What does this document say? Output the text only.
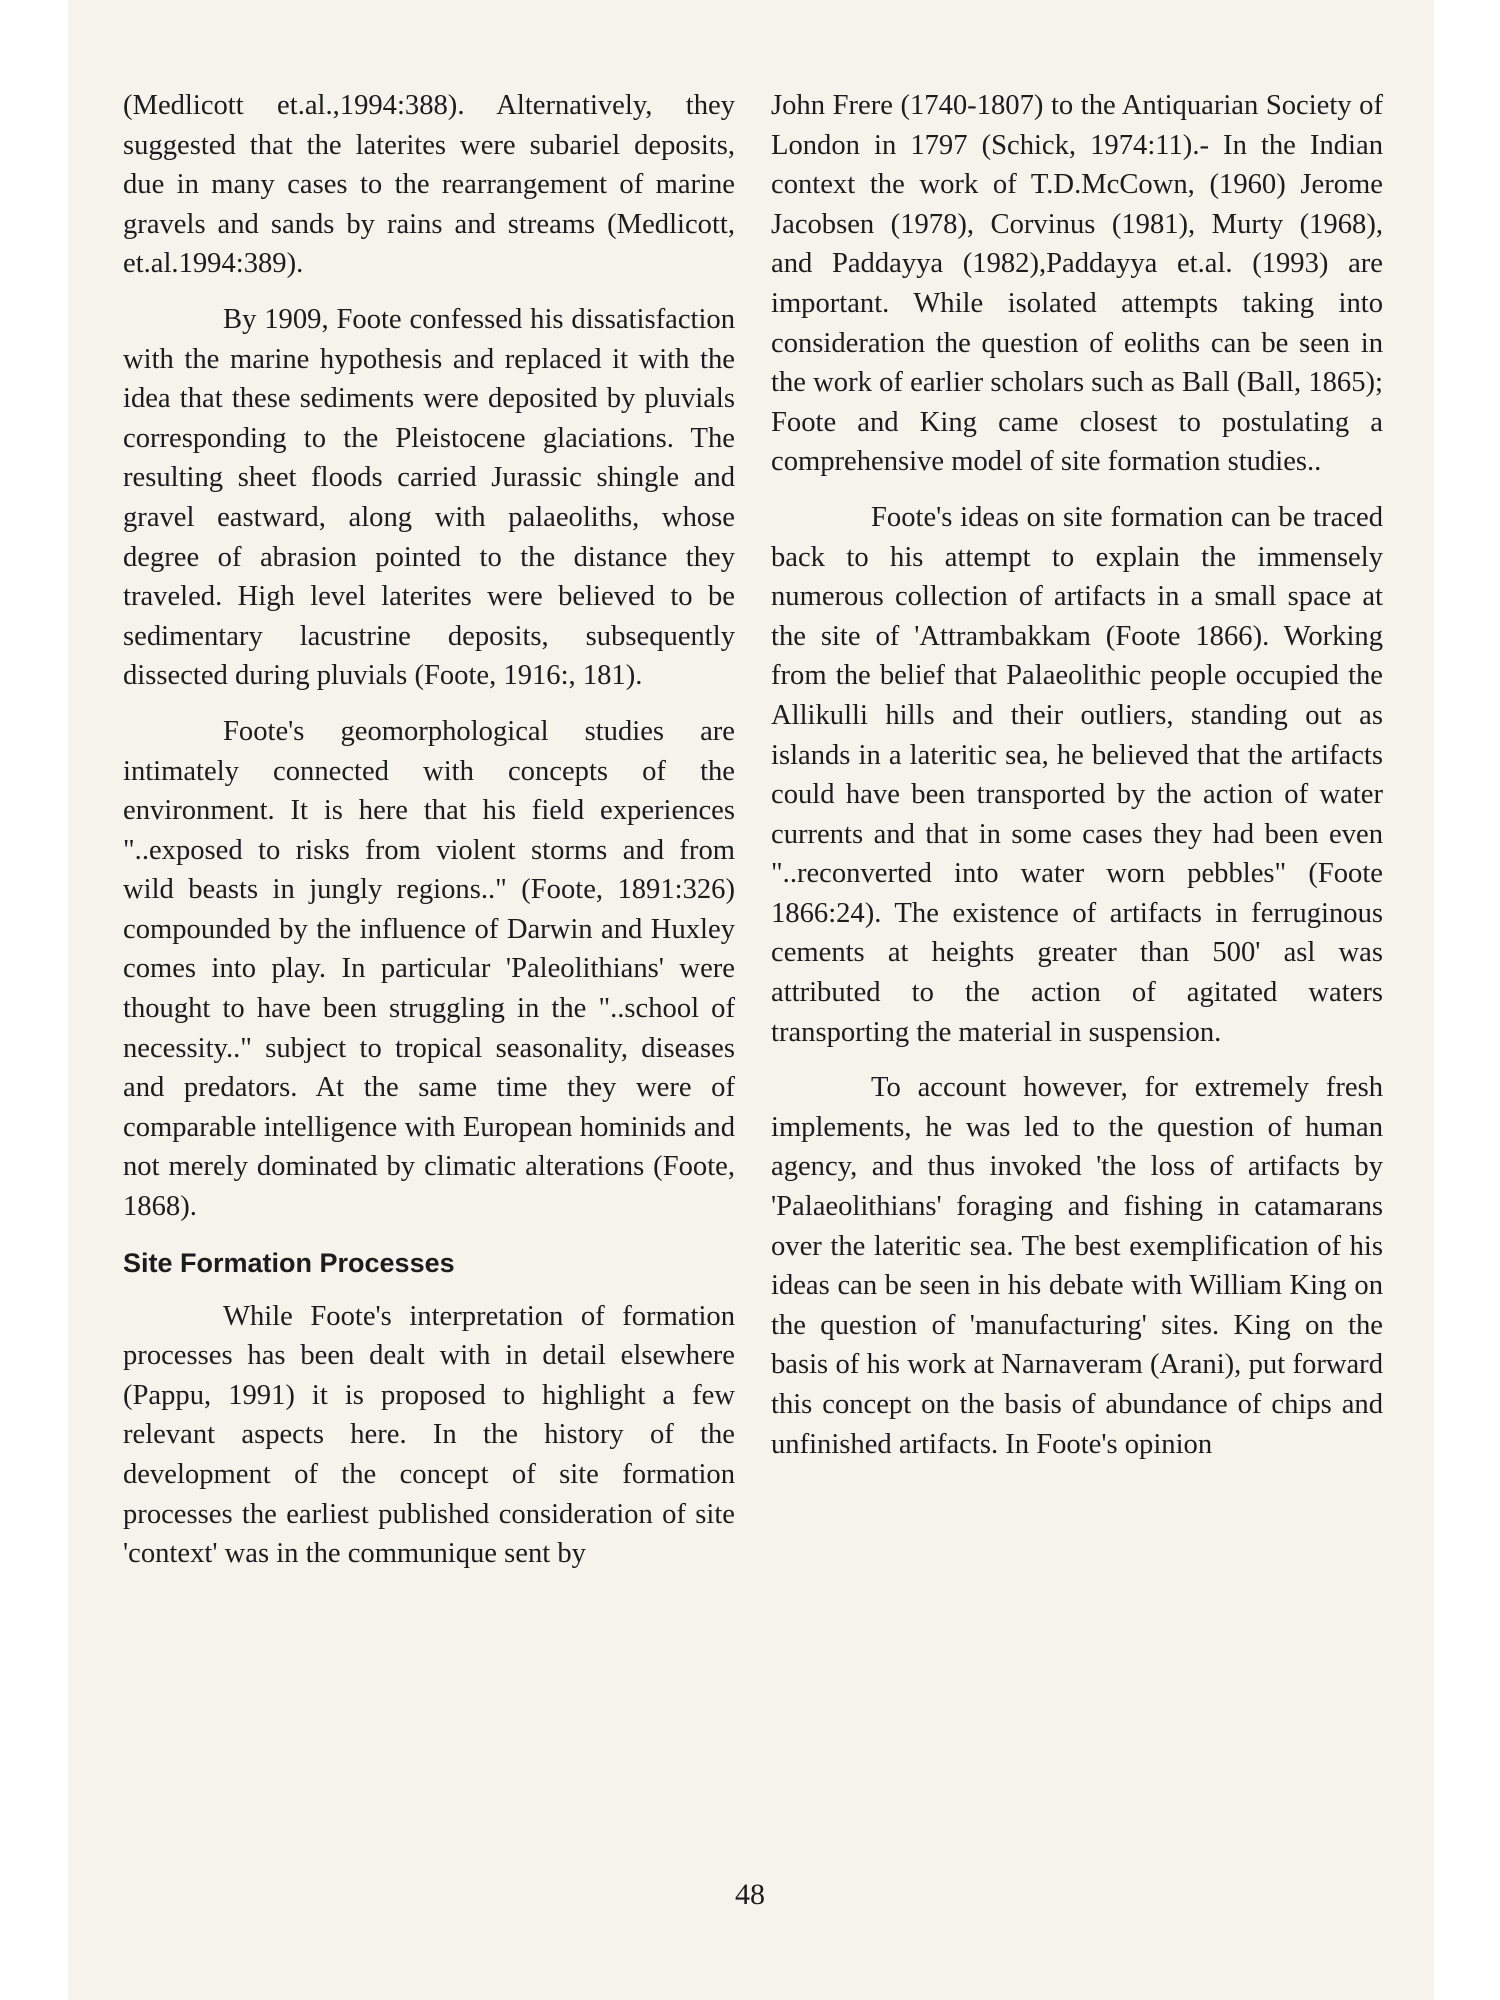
(Medlicott et.al.,1994:388). Alternatively, they suggested that the laterites were subariel deposits, due in many cases to the rearrangement of marine gravels and sands by rains and streams (Medlicott, et.al.1994:389).

By 1909, Foote confessed his dissatisfaction with the marine hypothesis and replaced it with the idea that these sediments were deposited by pluvials corresponding to the Pleistocene glaciations. The resulting sheet floods carried Jurassic shingle and gravel eastward, along with palaeoliths, whose degree of abrasion pointed to the distance they traveled. High level laterites were believed to be sedimentary lacustrine deposits, subsequently dissected during pluvials (Foote, 1916:, 181).

Foote's geomorphological studies are intimately connected with concepts of the environment. It is here that his field experiences "..exposed to risks from violent storms and from wild beasts in jungly regions.." (Foote, 1891:326) compounded by the influence of Darwin and Huxley comes into play. In particular 'Paleolithians' were thought to have been struggling in the "..school of necessity.." subject to tropical seasonality, diseases and predators. At the same time they were of comparable intelligence with European hominids and not merely dominated by climatic alterations (Foote, 1868).

Site Formation Processes

While Foote's interpretation of formation processes has been dealt with in detail elsewhere (Pappu, 1991) it is proposed to highlight a few relevant aspects here. In the history of the development of the concept of site formation processes the earliest published consideration of site 'context' was in the communique sent by

John Frere (1740-1807) to the Antiquarian Society of London in 1797 (Schick, 1974:11).- In the Indian context the work of T.D.McCown, (1960) Jerome Jacobsen (1978), Corvinus (1981), Murty (1968), and Paddayya (1982),Paddayya et.al. (1993) are important. While isolated attempts taking into consideration the question of eoliths can be seen in the work of earlier scholars such as Ball (Ball, 1865); Foote and King came closest to postulating a comprehensive model of site formation studies..

Foote's ideas on site formation can be traced back to his attempt to explain the immensely numerous collection of artifacts in a small space at the site of 'Attrambakkam (Foote 1866). Working from the belief that Palaeolithic people occupied the Allikulli hills and their outliers, standing out as islands in a lateritic sea, he believed that the artifacts could have been transported by the action of water currents and that in some cases they had been even "..reconverted into water worn pebbles" (Foote 1866:24). The existence of artifacts in ferruginous cements at heights greater than 500' asl was attributed to the action of agitated waters transporting the material in suspension.

To account however, for extremely fresh implements, he was led to the question of human agency, and thus invoked 'the loss of artifacts by 'Palaeolithians' foraging and fishing in catamarans over the lateritic sea. The best exemplification of his ideas can be seen in his debate with William King on the question of 'manufacturing' sites. King on the basis of his work at Narnaveram (Arani), put forward this concept on the basis of abundance of chips and unfinished artifacts. In Foote's opinion

48
